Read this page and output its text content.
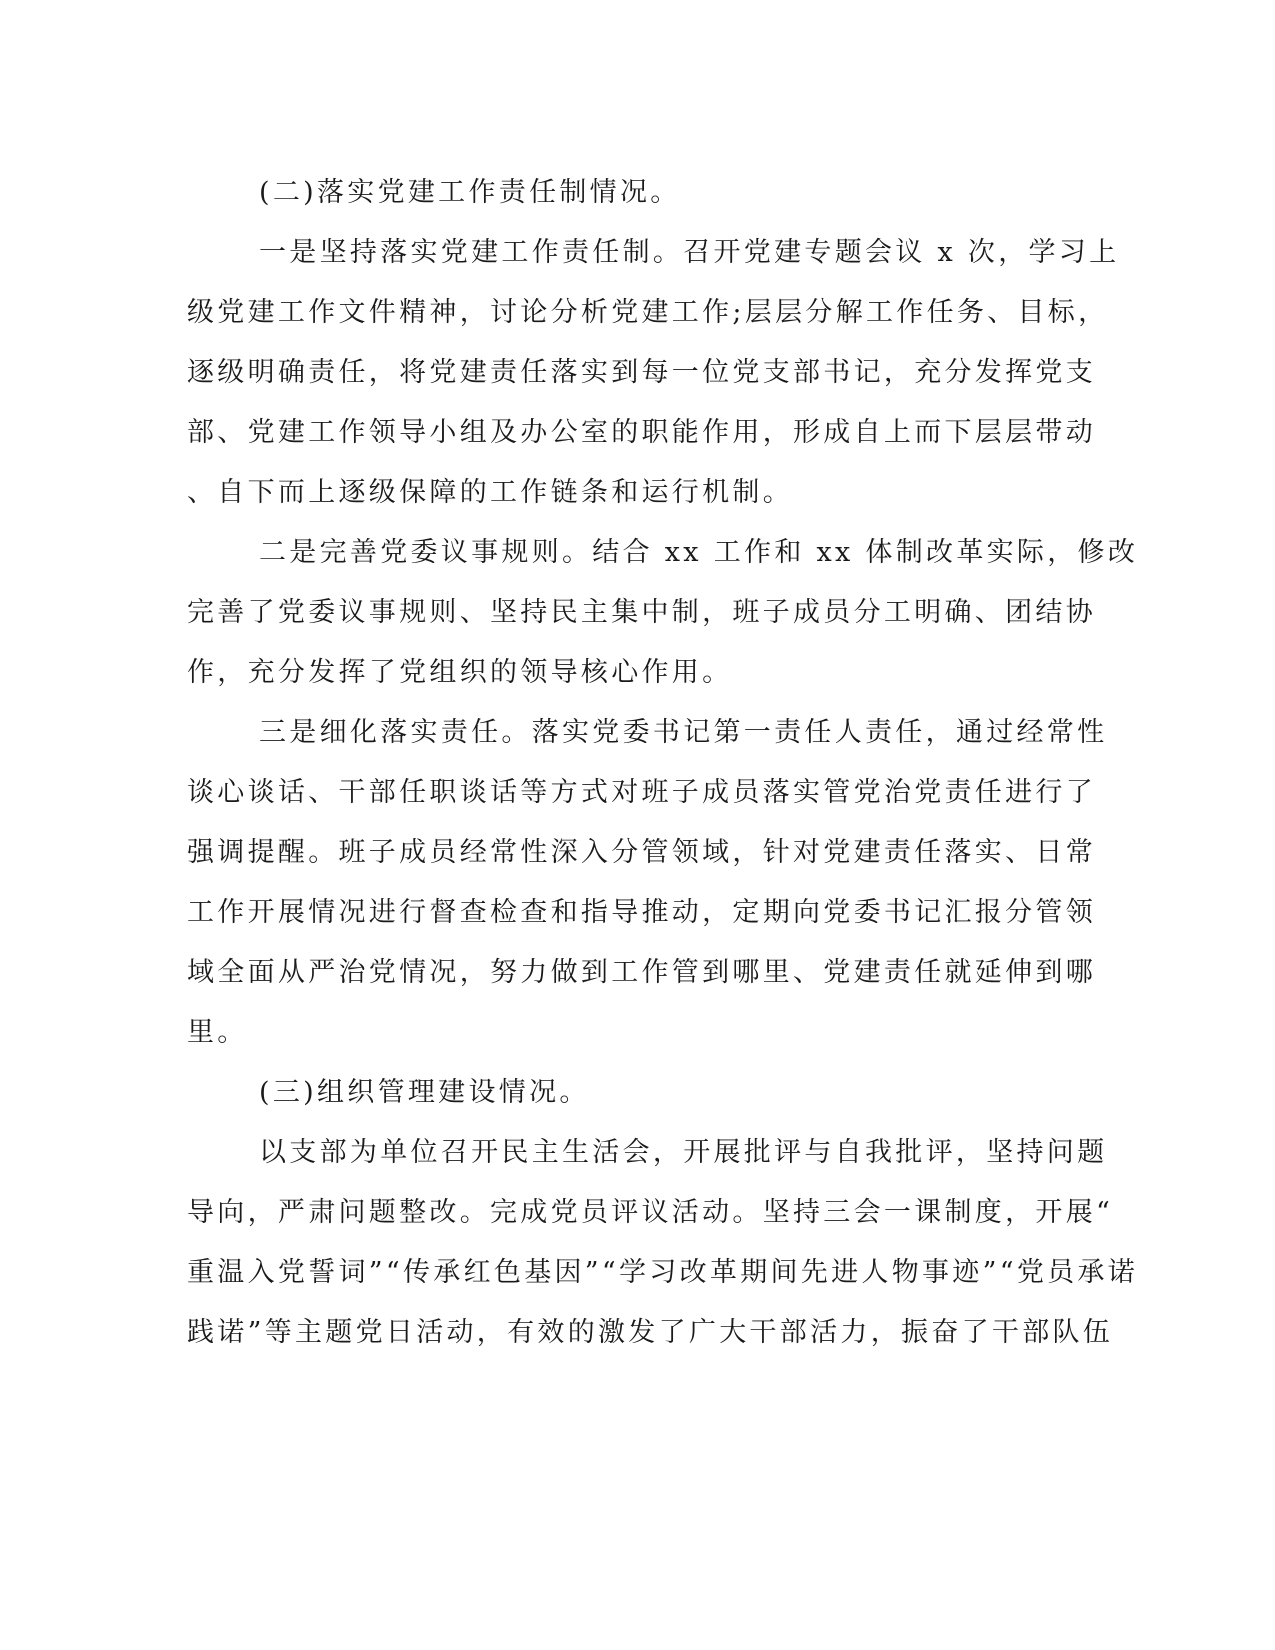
(二)落实党建工作责任制情况。
一是坚持落实党建工作责任制。召开党建专题会议 x 次，学习上
级党建工作文件精神，讨论分析党建工作;层层分解工作任务、目标，
逐级明确责任，将党建责任落实到每一位党支部书记，充分发挥党支
部、党建工作领导小组及办公室的职能作用，形成自上而下层层带动
、自下而上逐级保障的工作链条和运行机制。
二是完善党委议事规则。结合 xx 工作和 xx 体制改革实际，修改
完善了党委议事规则、坚持民主集中制，班子成员分工明确、团结协
作，充分发挥了党组织的领导核心作用。
三是细化落实责任。落实党委书记第一责任人责任，通过经常性
谈心谈话、干部任职谈话等方式对班子成员落实管党治党责任进行了
强调提醒。班子成员经常性深入分管领域，针对党建责任落实、日常
工作开展情况进行督查检查和指导推动，定期向党委书记汇报分管领
域全面从严治党情况，努力做到工作管到哪里、党建责任就延伸到哪
里。
(三)组织管理建设情况。
以支部为单位召开民主生活会，开展批评与自我批评，坚持问题
导向，严肃问题整改。完成党员评议活动。坚持三会一课制度，开展“
重温入党誓词”“传承红色基因”“学习改革期间先进人物事迹”“党员承诺
践诺”等主题党日活动，有效的激发了广大干部活力，振奋了干部队伍
